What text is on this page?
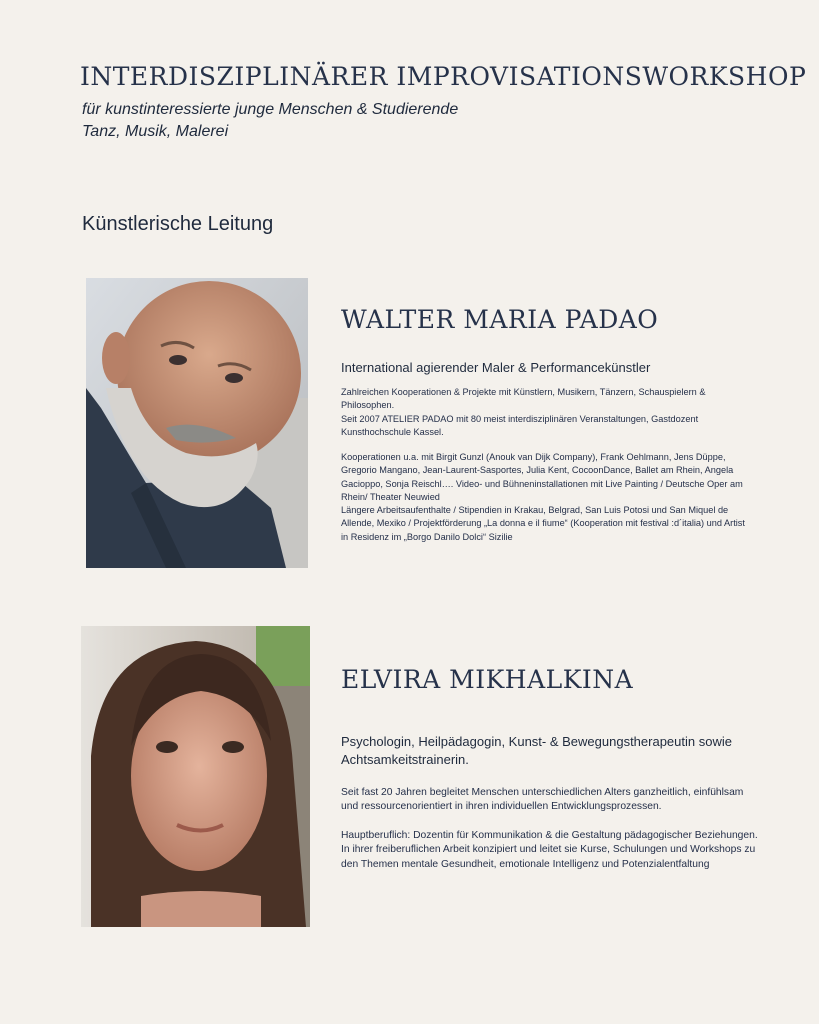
INTERDISZIPLINÄRER IMPROVISATIONSWORKSHOP
für kunstinteressierte junge Menschen & Studierende
Tanz, Musik, Malerei
Künstlerische Leitung
WALTER MARIA PADAO
International agierender Maler & Performancekünstler
Zahlreichen Kooperationen & Projekte mit Künstlern, Musikern, Tänzern, Schauspielern & Philosophen.
Seit 2007 ATELIER PADAO mit 80 meist interdisziplinären Veranstaltungen, Gastdozent Kunsthochschule Kassel.
Kooperationen u.a. mit Birgit Gunzl (Anouk van Dijk Company), Frank Oehlmann, Jens Düppe, Gregorio Mangano, Jean-Laurent-Sasportes, Julia Kent, CocoonDance, Ballet am Rhein, Angela Gacioppo, Sonja Reischl…. Video- und Bühneninstallationen mit Live Painting / Deutsche Oper am Rhein/ Theater Neuwied
Längere Arbeitsaufenthalte / Stipendien in Krakau, Belgrad, San Luis Potosi und San Miquel de Allende, Mexiko / Projektförderung „La donna e il fiume“ (Kooperation mit festival :d´italia) und Artist in Residenz im „Borgo Danilo Dolci“ Sizilie
ELVIRA MIKHALKINA
Psychologin, Heilpädagogin, Kunst- & Bewegungstherapeutin sowie Achtsamkeitstrainerin.
Seit fast 20 Jahren begleitet Menschen unterschiedlichen Alters ganzheitlich, einfühlsam und ressourcenorientiert in ihren individuellen Entwicklungsprozessen.
Hauptberuflich: Dozentin für Kommunikation & die Gestaltung pädagogischer Beziehungen. In ihrer freiberuflichen Arbeit konzipiert und leitet sie Kurse, Schulungen und Workshops zu den Themen mentale Gesundheit, emotionale Intelligenz und Potenzialentfaltung
